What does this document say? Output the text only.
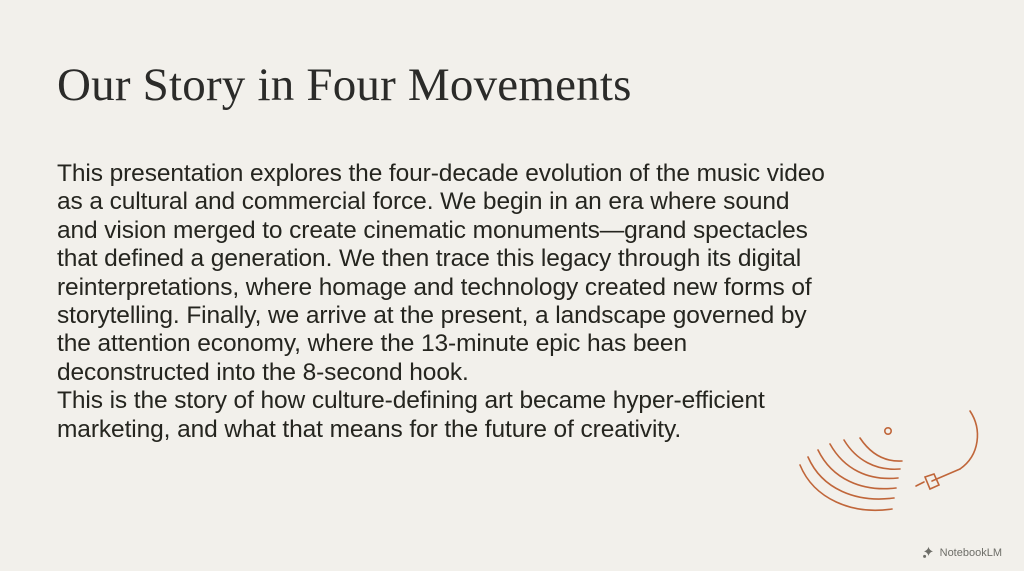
Our Story in Four Movements

This presentation explores the four-decade evolution of the music video as a cultural and commercial force. We begin in an era where sound and vision merged to create cinematic monuments—grand spectacles that defined a generation. We then trace this legacy through its digital reinterpretations, where homage and technology created new forms of storytelling. Finally, we arrive at the present, a landscape governed by the attention economy, where the 13-minute epic has been deconstructed into the 8-second hook.

This is the story of how culture-defining art became hyper-efficient marketing, and what that means for the future of creativity.

NotebookLM
